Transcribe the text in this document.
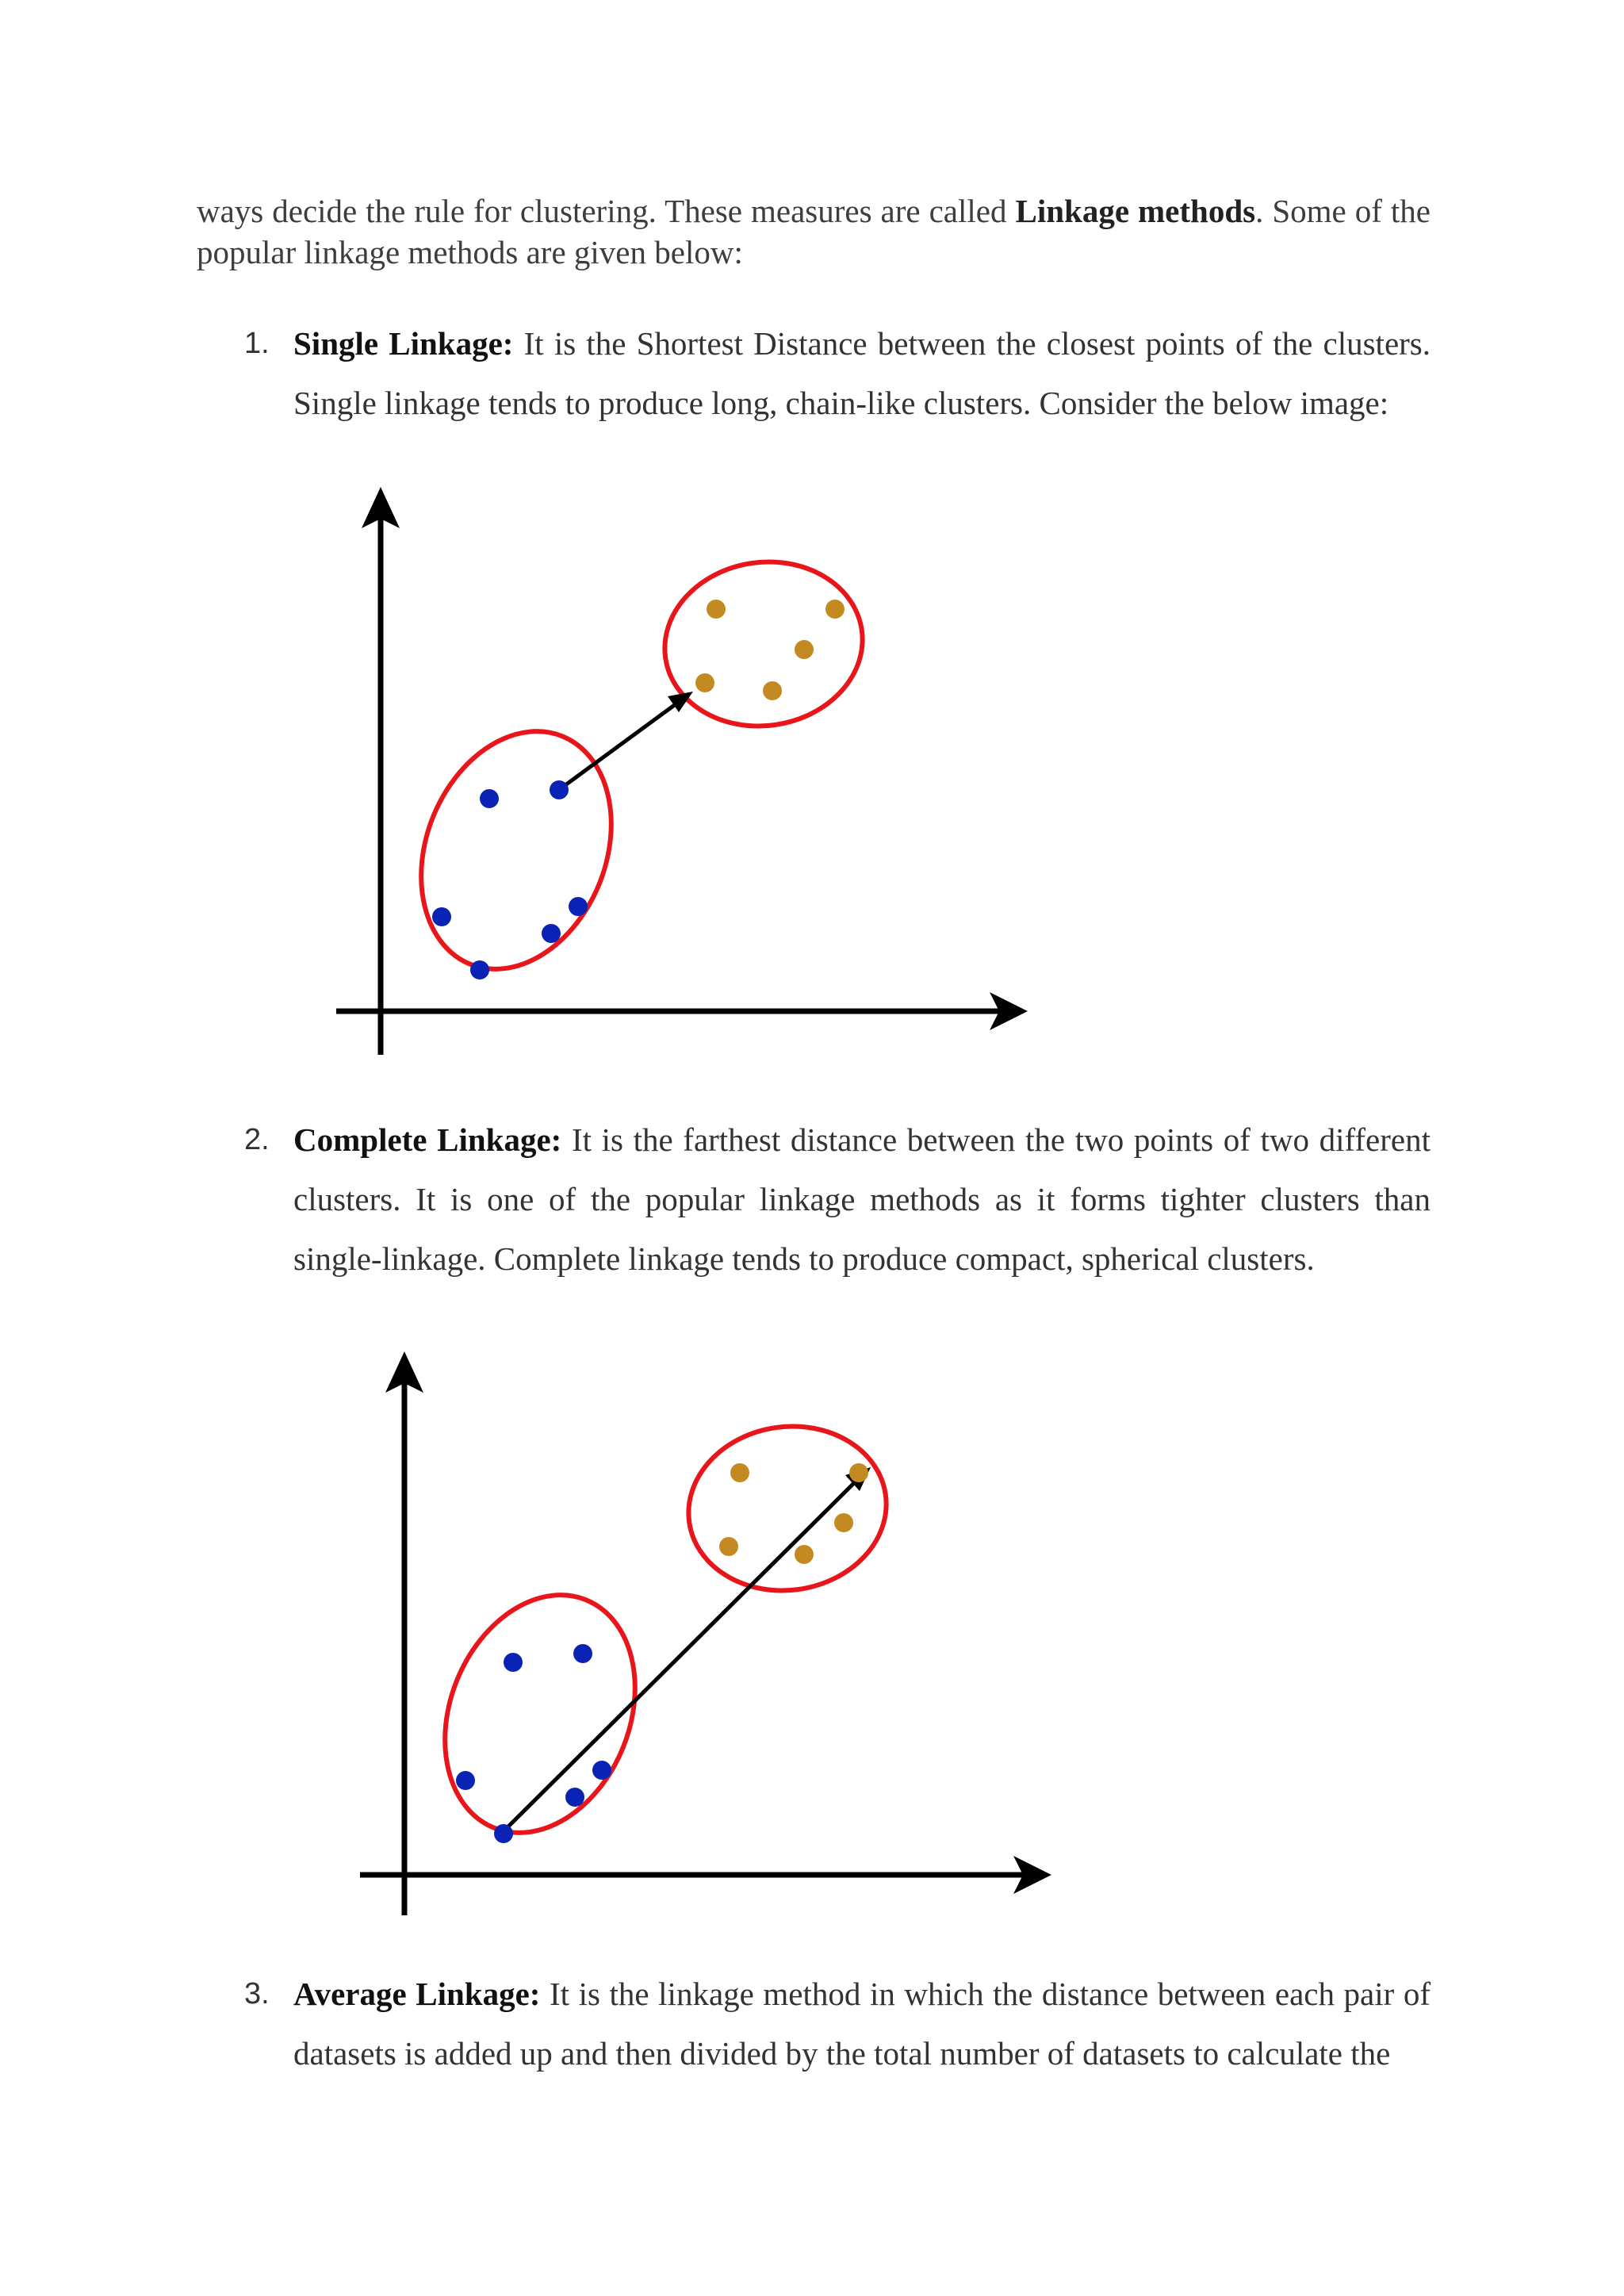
ways decide the rule for clustering. These measures are called Linkage methods. Some of the popular linkage methods are given below:
1. Single Linkage: It is the Shortest Distance between the closest points of the clusters. Single linkage tends to produce long, chain-like clusters. Consider the below image:
2. Complete Linkage: It is the farthest distance between the two points of two different clusters. It is one of the popular linkage methods as it forms tighter clusters than single-linkage. Complete linkage tends to produce compact, spherical clusters.
3. Average Linkage: It is the linkage method in which the distance between each pair of datasets is added up and then divided by the total number of datasets to calculate the
